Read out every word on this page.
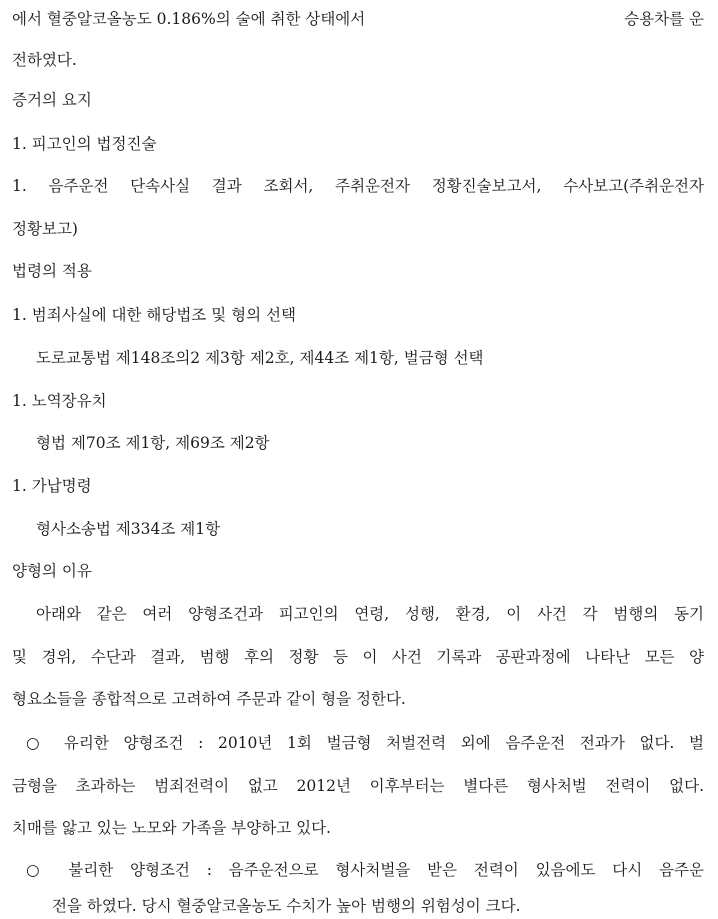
에서 혈중알코올농도 0.186%의 술에 취한 상태에서	승용차를 운
전하였다.
증거의 요지
1. 피고인의 법정진술
1. 음주운전 단속사실 결과 조회서, 주취운전자 정황진술보고서, 수사보고(주취운전자
정황보고)
법령의 적용
1. 범죄사실에 대한 해당법조 및 형의 선택
도로교통법 제148조의2 제3항 제2호, 제44조 제1항, 벌금형 선택
1. 노역장유치
형법 제70조 제1항, 제69조 제2항
1. 가납명령
형사소송법 제334조 제1항
양형의 이유
아래와 같은 여러 양형조건과 피고인의 연령, 성행, 환경, 이 사건 각 범행의 동기
및 경위, 수단과 결과, 범행 후의 정황 등 이 사건 기록과 공판과정에 나타난 모든 양
형요소들을 종합적으로 고려하여 주문과 같이 형을 정한다.
○ 유리한 양형조건 : 2010년 1회 벌금형 처벌전력 외에 음주운전 전과가 없다. 벌
금형을 초과하는 범죄전력이 없고 2012년 이후부터는 별다른 형사처벌 전력이 없다.
치매를 앓고 있는 노모와 가족을 부양하고 있다.
○ 불리한 양형조건 : 음주운전으로 형사처벌을 받은 전력이 있음에도 다시 음주운
전을 하였다. 당시 혈중알코올농도 수치가 높아 범행의 위험성이 크다.
